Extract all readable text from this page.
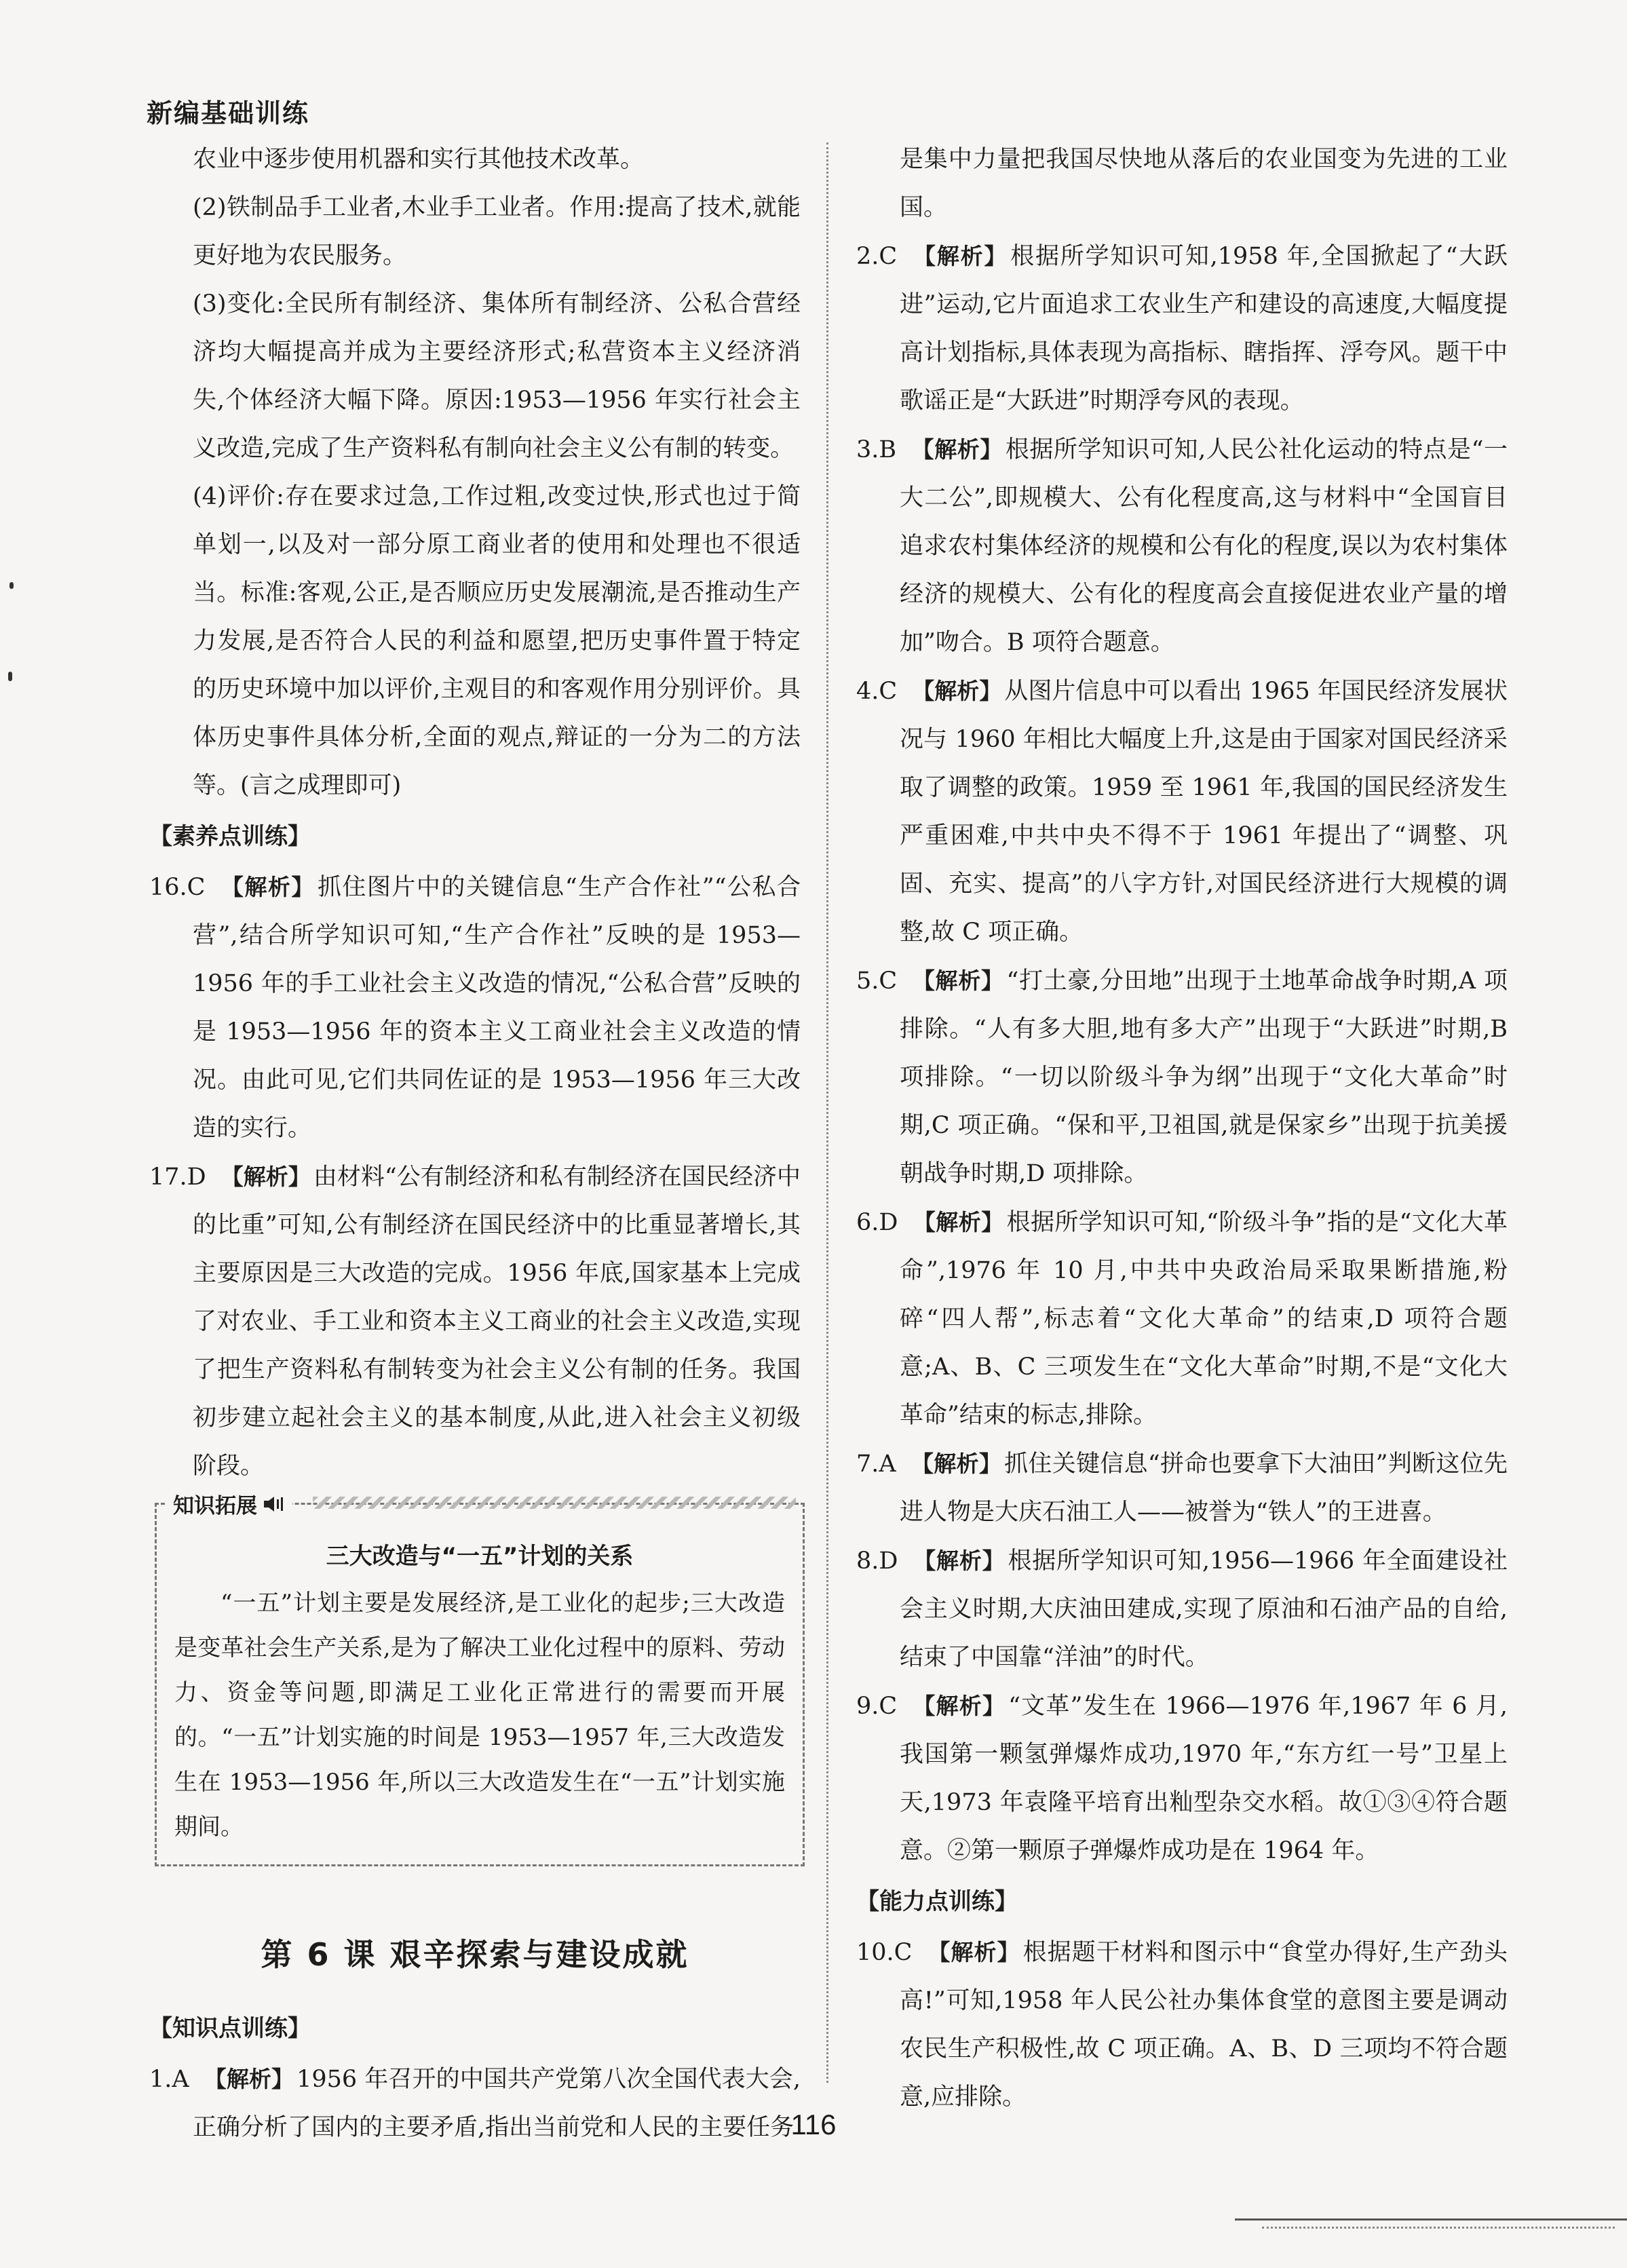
新编基础训练

农业中逐步使用机器和实行其他技术改革。

(2)铁制品手工业者,木业手工业者。作用:提高了技术,就能更好地为农民服务。

(3)变化:全民所有制经济、集体所有制经济、公私合营经济均大幅提高并成为主要经济形式;私营资本主义经济消失,个体经济大幅下降。原因:1953—1956 年实行社会主义改造,完成了生产资料私有制向社会主义公有制的转变。

(4)评价:存在要求过急,工作过粗,改变过快,形式也过于简单划一,以及对一部分原工商业者的使用和处理也不很适当。标准:客观,公正,是否顺应历史发展潮流,是否推动生产力发展,是否符合人民的利益和愿望,把历史事件置于特定的历史环境中加以评价,主观目的和客观作用分别评价。具体历史事件具体分析,全面的观点,辩证的一分为二的方法等。(言之成理即可)

【素养点训练】

16.C 【解析】 抓住图片中的关键信息“生产合作社”“公私合营”,结合所学知识可知,“生产合作社”反映的是 1953—1956 年的手工业社会主义改造的情况,“公私合营”反映的是 1953—1956 年的资本主义工商业社会主义改造的情况。由此可见,它们共同佐证的是 1953—1956 年三大改造的实行。

17.D 【解析】 由材料“公有制经济和私有制经济在国民经济中的比重”可知,公有制经济在国民经济中的比重显著增长,其主要原因是三大改造的完成。1956 年底,国家基本上完成了对农业、手工业和资本主义工商业的社会主义改造,实现了把生产资料私有制转变为社会主义公有制的任务。我国初步建立起社会主义的基本制度,从此,进入社会主义初级阶段。

知识拓展
三大改造与“一五”计划的关系

“一五”计划主要是发展经济,是工业化的起步;三大改造是变革社会生产关系,是为了解决工业化过程中的原料、劳动力、资金等问题,即满足工业化正常进行的需要而开展的。“一五”计划实施的时间是 1953—1957 年,三大改造发生在 1953—1956 年,所以三大改造发生在“一五”计划实施期间。

第 6 课 艰辛探索与建设成就
【知识点训练】

1.A 【解析】 1956 年召开的中国共产党第八次全国代表大会,正确分析了国内的主要矛盾,指出当前党和人民的主要任务

是集中力量把我国尽快地从落后的农业国变为先进的工业国。

2.C 【解析】 根据所学知识可知,1958 年,全国掀起了“大跃进”运动,它片面追求工农业生产和建设的高速度,大幅度提高计划指标,具体表现为高指标、瞎指挥、浮夸风。题干中歌谣正是“大跃进”时期浮夸风的表现。

3.B 【解析】 根据所学知识可知,人民公社化运动的特点是“一大二公”,即规模大、公有化程度高,这与材料中“全国盲目追求农村集体经济的规模和公有化的程度,误以为农村集体经济的规模大、公有化的程度高会直接促进农业产量的增加”吻合。B 项符合题意。

4.C 【解析】 从图片信息中可以看出 1965 年国民经济发展状况与 1960 年相比大幅度上升,这是由于国家对国民经济采取了调整的政策。1959 至 1961 年,我国的国民经济发生严重困难,中共中央不得不于 1961 年提出了“调整、巩固、充实、提高”的八字方针,对国民经济进行大规模的调整,故 C 项正确。

5.C 【解析】 “打土豪,分田地”出现于土地革命战争时期,A 项排除。“人有多大胆,地有多大产”出现于“大跃进”时期,B 项排除。“一切以阶级斗争为纲”出现于“文化大革命”时期,C 项正确。“保和平,卫祖国,就是保家乡”出现于抗美援朝战争时期,D 项排除。

6.D 【解析】 根据所学知识可知,“阶级斗争”指的是“文化大革命”,1976 年 10 月,中共中央政治局采取果断措施,粉碎“四人帮”,标志着“文化大革命”的结束,D 项符合题意;A、B、C 三项发生在“文化大革命”时期,不是“文化大革命”结束的标志,排除。

7.A 【解析】 抓住关键信息“拼命也要拿下大油田”判断这位先进人物是大庆石油工人——被誉为“铁人”的王进喜。

8.D 【解析】 根据所学知识可知,1956—1966 年全面建设社会主义时期,大庆油田建成,实现了原油和石油产品的自给,结束了中国靠“洋油”的时代。

9.C 【解析】 “文革”发生在 1966—1976 年,1967 年 6 月,我国第一颗氢弹爆炸成功,1970 年,“东方红一号”卫星上天,1973 年袁隆平培育出籼型杂交水稻。故①③④符合题意。②第一颗原子弹爆炸成功是在 1964 年。

【能力点训练】

10.C 【解析】 根据题干材料和图示中“食堂办得好,生产劲头高!”可知,1958 年人民公社办集体食堂的意图主要是调动农民生产积极性,故 C 项正确。A、B、D 三项均不符合题意,应排除。

116
